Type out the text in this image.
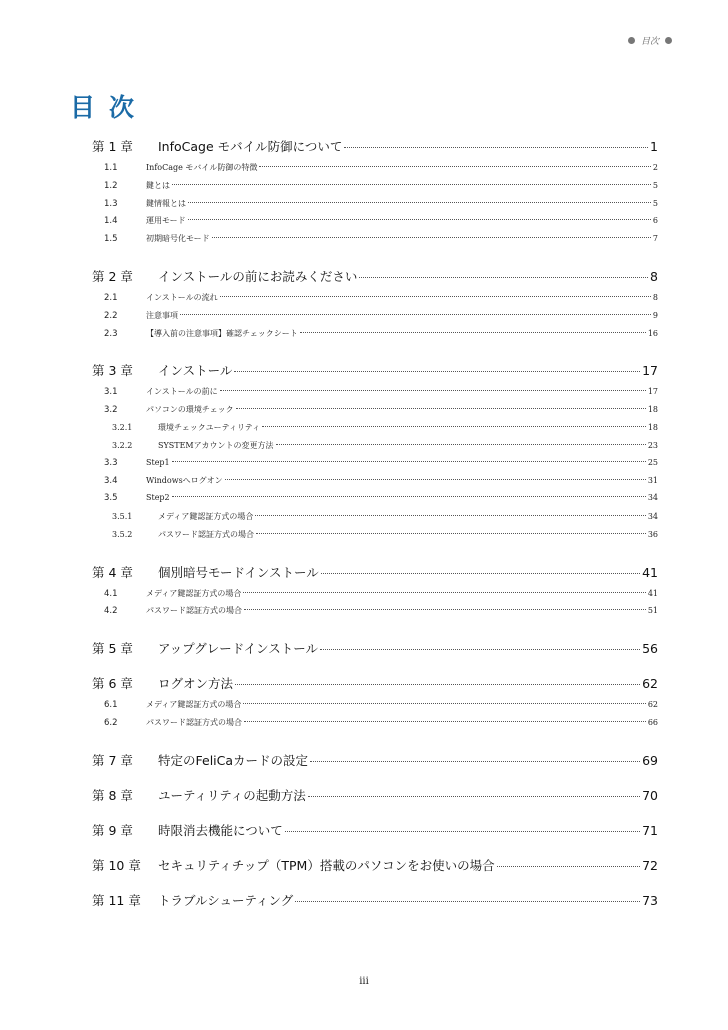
目次
目次
第 1 章	InfoCage モバイル防御について	1
1.1	InfoCage モバイル防御の特徴	2
1.2	鍵とは	5
1.3	鍵情報とは	5
1.4	運用モード	6
1.5	初期暗号化モード	7
第 2 章	インストールの前にお読みください	8
2.1	インストールの流れ	8
2.2	注意事項	9
2.3	【導入前の注意事項】確認チェックシート	16
第 3 章	インストール	17
3.1	インストールの前に	17
3.2	パソコンの環境チェック	18
3.2.1	環境チェックユーティリティ	18
3.2.2	SYSTEMアカウントの変更方法	23
3.3	Step1	25
3.4	Windowsへログオン	31
3.5	Step2	34
3.5.1	メディア鍵認証方式の場合	34
3.5.2	パスワード認証方式の場合	36
第 4 章	個別暗号モードインストール	41
4.1	メディア鍵認証方式の場合	41
4.2	パスワード認証方式の場合	51
第 5 章	アップグレードインストール	56
第 6 章	ログオン方法	62
6.1	メディア鍵認証方式の場合	62
6.2	パスワード認証方式の場合	66
第 7 章	特定のFeliCaカードの設定	69
第 8 章	ユーティリティの起動方法	70
第 9 章	時限消去機能について	71
第 10 章	セキュリティチップ（TPM）搭載のパソコンをお使いの場合	72
第 11 章	トラブルシューティング	73
iii
